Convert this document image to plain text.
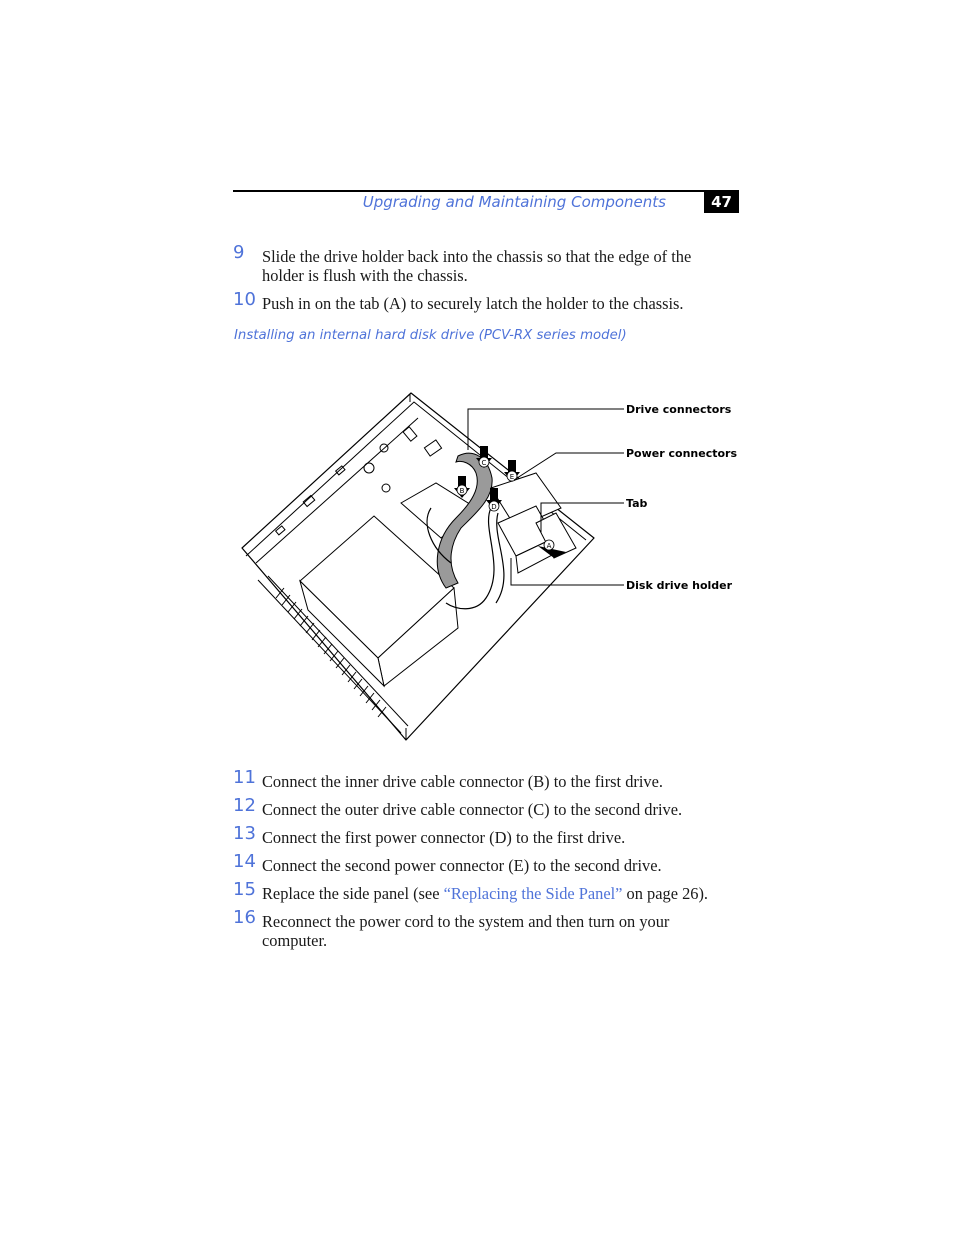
Upgrading and Maintaining Components	47
9 Slide the drive holder back into the chassis so that the edge of the holder is flush with the chassis.
10 Push in on the tab (A) to securely latch the holder to the chassis.
Installing an internal hard disk drive (PCV-RX series model)
C
E
B
D
A
Drive connectors
Power connectors
Tab
Disk drive holder
11 Connect the inner drive cable connector (B) to the first drive.
12 Connect the outer drive cable connector (C) to the second drive.
13 Connect the first power connector (D) to the first drive.
14 Connect the second power connector (E) to the second drive.
15 Replace the side panel (see “Replacing the Side Panel” on page 26).
16 Reconnect the power cord to the system and then turn on your computer.
